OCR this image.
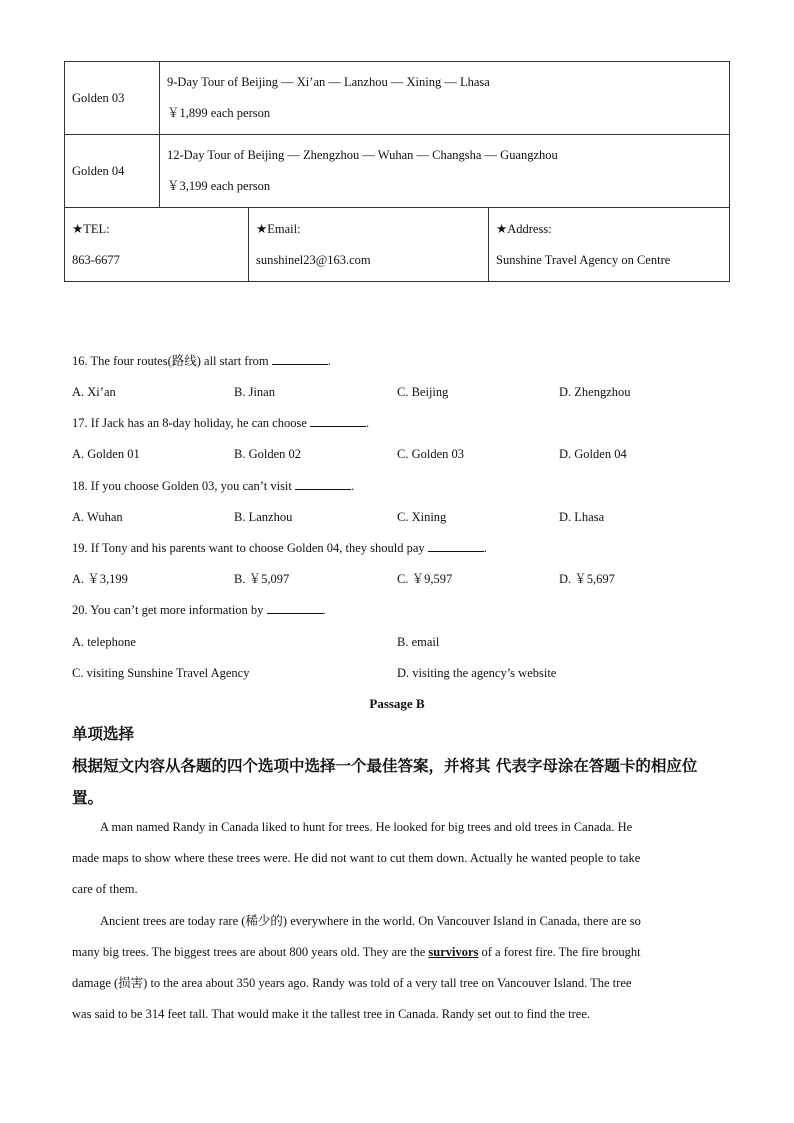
Golden 03	9-Day Tour of Beijing — Xi’an — Lanzhou — Xining — Lhasa
￥1,899 each person

Golden 04	12-Day Tour of Beijing — Zhengzhou — Wuhan — Changsha — Guangzhou
￥3,199 each person
★TEL:
863-6677

★Email:
sunshinel23@163.com

★Address:
Sunshine Travel Agency on Centre
16. The four routes(路线) all start from	.
A. Xi’an	B. Jinan	C. Beijing	D. Zhengzhou
17. If Jack has an 8-day holiday, he can choose	.
A. Golden 01	B. Golden 02	C. Golden 03	D. Golden 04
18. If you choose Golden 03, you can’t visit	.
A. Wuhan	B. Lanzhou	C. Xining	D. Lhasa
19. If Tony and his parents want to choose Golden 04, they should pay	.
A. ￥3,199	B. ￥5,097	C. ￥9,597	D. ￥5,697
20. You can’t get more information by	.
A. telephone	B. email
C. visiting Sunshine Travel Agency	D. visiting the agency’s website
Passage B
单项选择
根据短文内容从各题的四个选项中选择一个最佳答案，并将其 代表字母涂在答题卡的相应位
置。
A man named Randy in Canada liked to hunt for trees. He looked for big trees and old trees in Canada. He
made maps to show where these trees were. He did not want to cut them down. Actually he wanted people to take
care of them.
Ancient trees are today rare (稀少的) everywhere in the world. On Vancouver Island in Canada, there are so
many big trees. The biggest trees are about 800 years old. They are the survivors of a forest fire. The fire brought
damage (损害) to the area about 350 years ago. Randy was told of a very tall tree on Vancouver Island. The tree
was said to be 314 feet tall. That would make it the tallest tree in Canada. Randy set out to find the tree.
